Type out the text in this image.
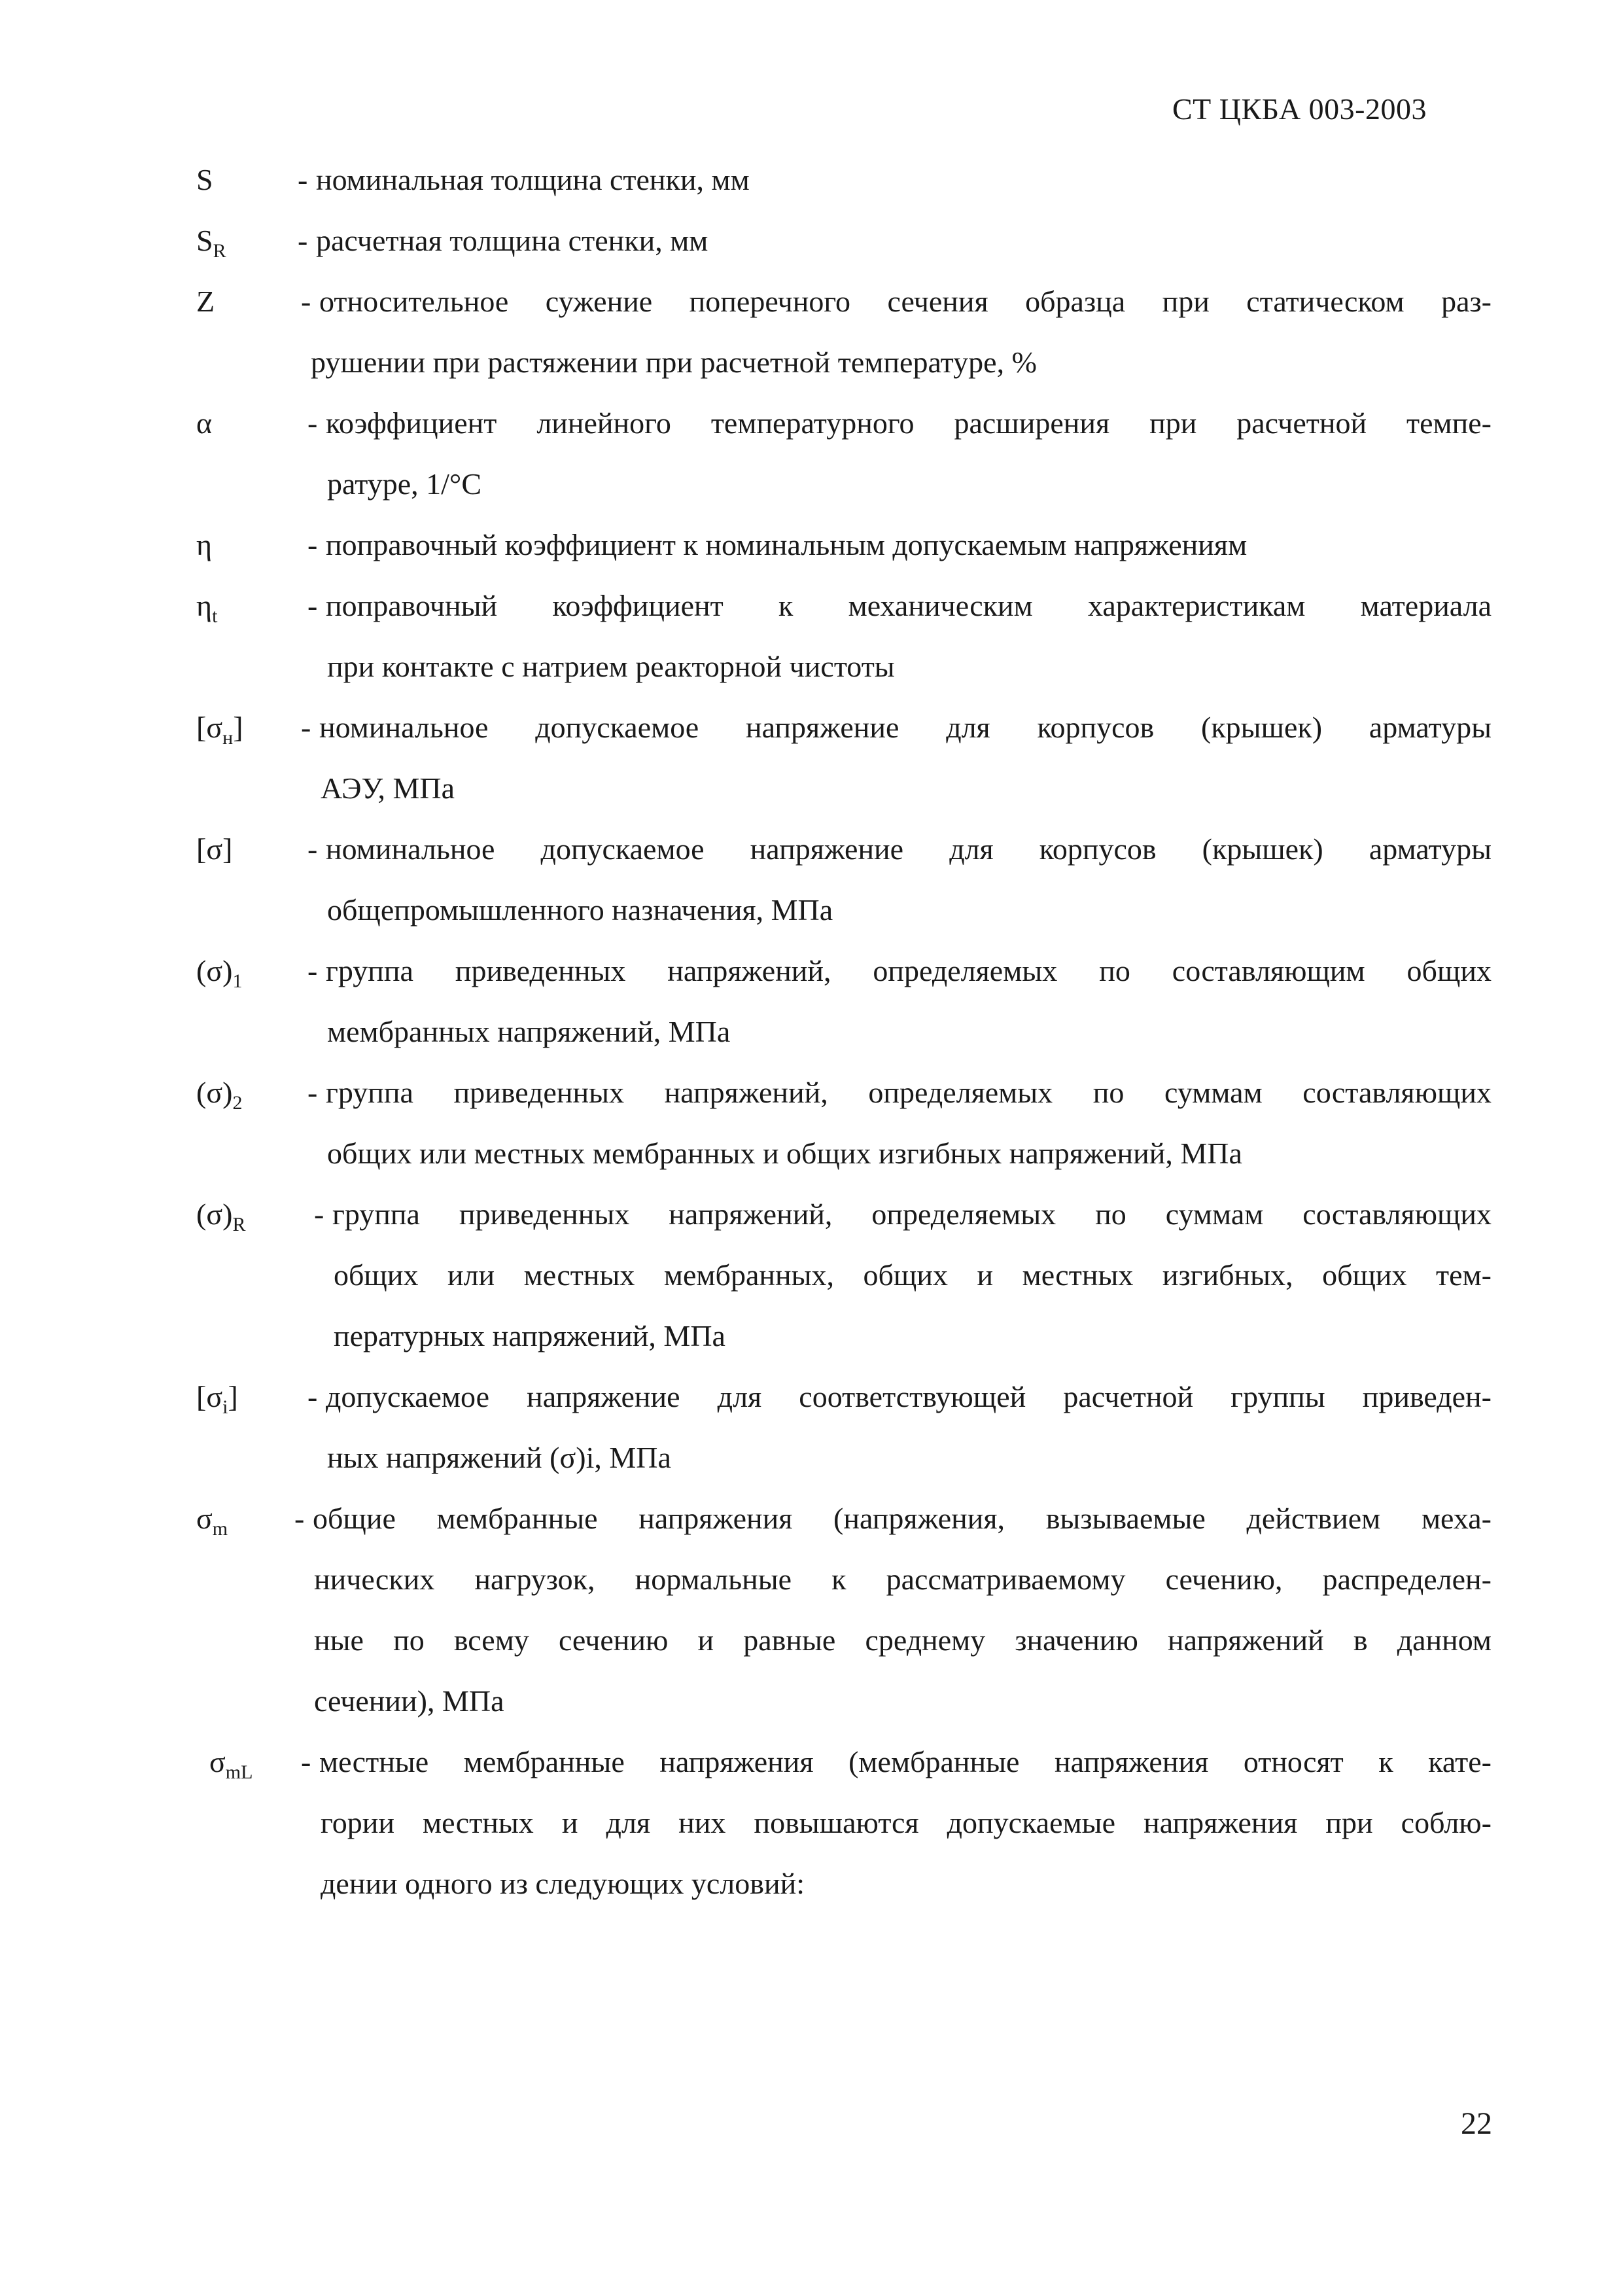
СТ ЦКБА 003-2003
S	- номинальная толщина стенки, мм
$S_R$ - расчетная толщина стенки, мм
Z	- относительное сужение поперечного сечения образца при статическом раз-
рушении при растяжении при расчетной температуре, %
α	- коэффициент линейного температурного расширения при расчетной темпе-
ратуре, 1/°C
η	- поправочный коэффициент к номинальным допускаемым напряжениям
$\eta_t$	- поправочный коэффициент к механическим характеристикам материала
при контакте с натрием реакторной чистоты
$[\sigma_н]$ - номинальное допускаемое напряжение для корпусов (крышек) арматуры
АЭУ, МПа
[σ] - номинальное допускаемое напряжение для корпусов (крышек) арматуры
общепромышленного назначения, МПа
$(\sigma)_1$ - группа приведенных напряжений, определяемых по составляющим общих
мембранных напряжений, МПа
$(\sigma)_2$ - группа приведенных напряжений, определяемых по суммам составляющих
общих или местных мембранных и общих изгибных напряжений, МПа
$(\sigma)_R$ - группа приведенных напряжений, определяемых по суммам составляющих
общих или местных мембранных, общих и местных изгибных, общих тем-
пературных напряжений, МПа
$[\sigma_i]$ - допускаемое напряжение для соответствующей расчетной группы приведен-
ных напряжений (σ)i, МПа
$\sigma_m$ - общие мембранные напряжения (напряжения, вызываемые действием меха-
нических нагрузок, нормальные к рассматриваемому сечению, распределен-
ные по всему сечению и равные среднему значению напряжений в данном
сечении), МПа
$\sigma_{mL}$ - местные мембранные напряжения (мембранные напряжения относят к кате-
гории местных и для них повышаются допускаемые напряжения при соблю-
дении одного из следующих условий:
22
